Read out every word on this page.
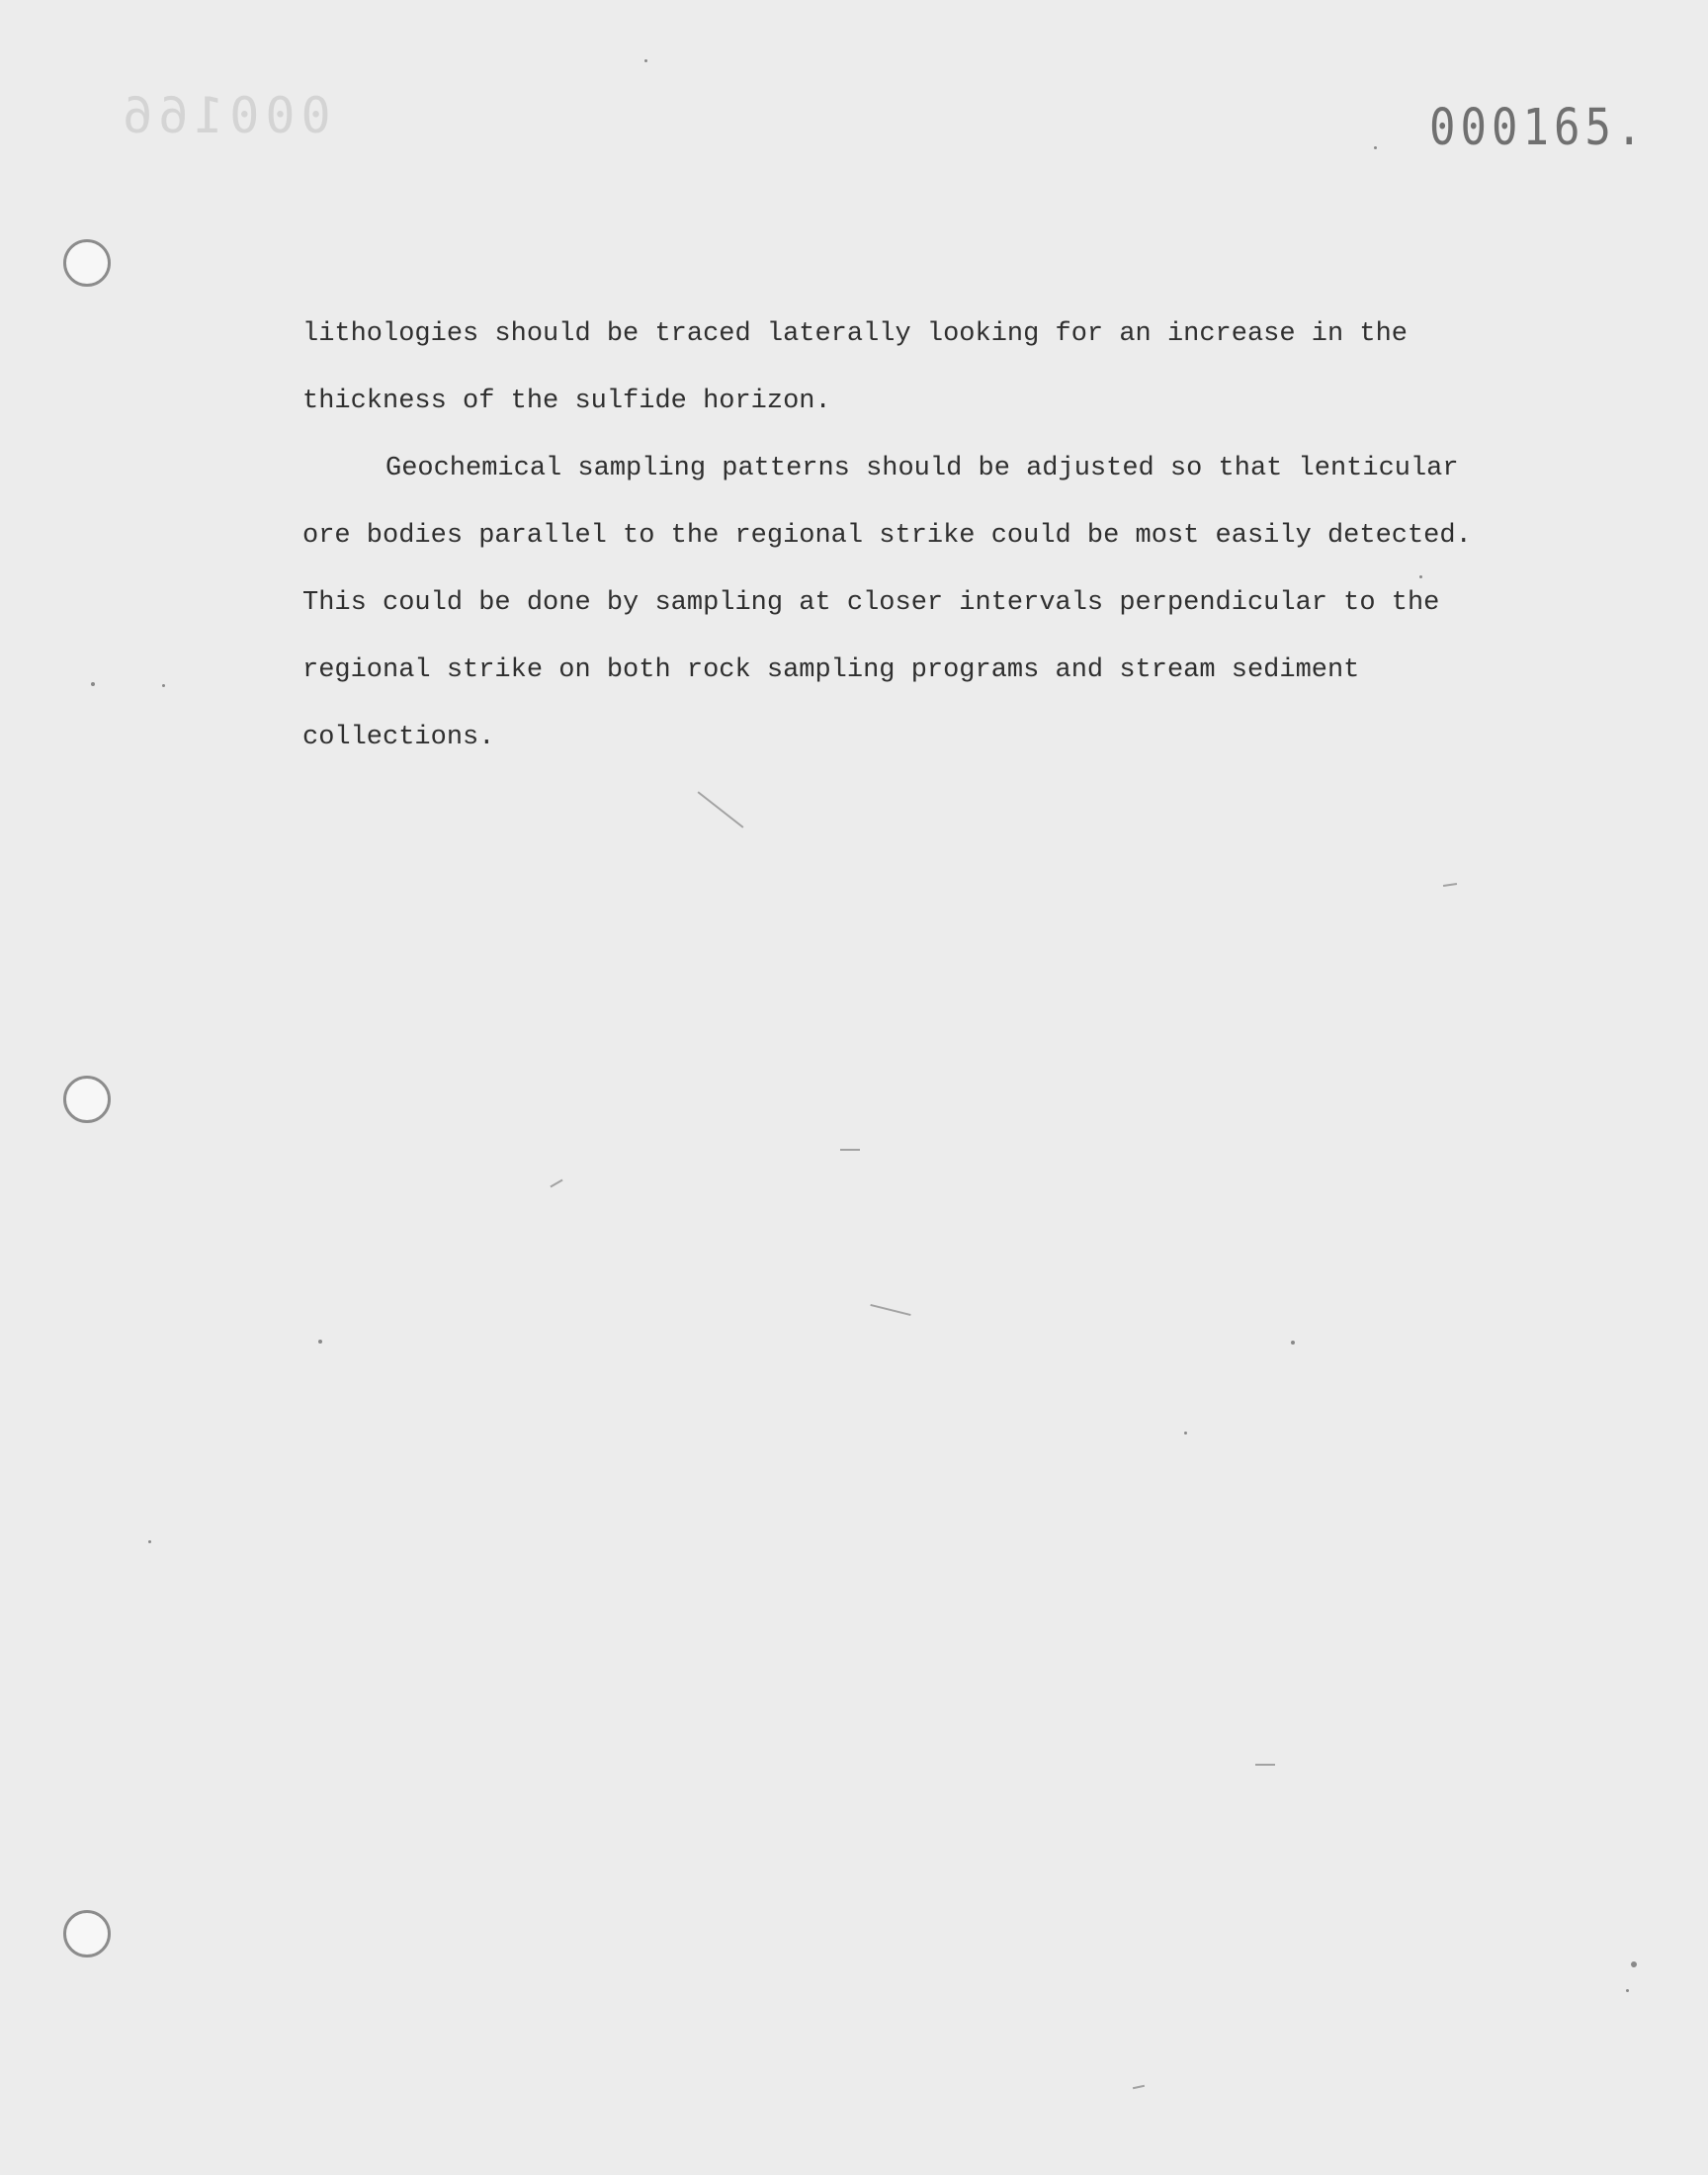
000166	000165.
lithologies should be traced laterally looking for an increase in the
thickness of the sulfide horizon.
Geochemical sampling patterns should be adjusted so that lenticular
ore bodies parallel to the regional strike could be most easily detected.
This could be done by sampling at closer intervals perpendicular to the
regional strike on both rock sampling programs and stream sediment
collections.
